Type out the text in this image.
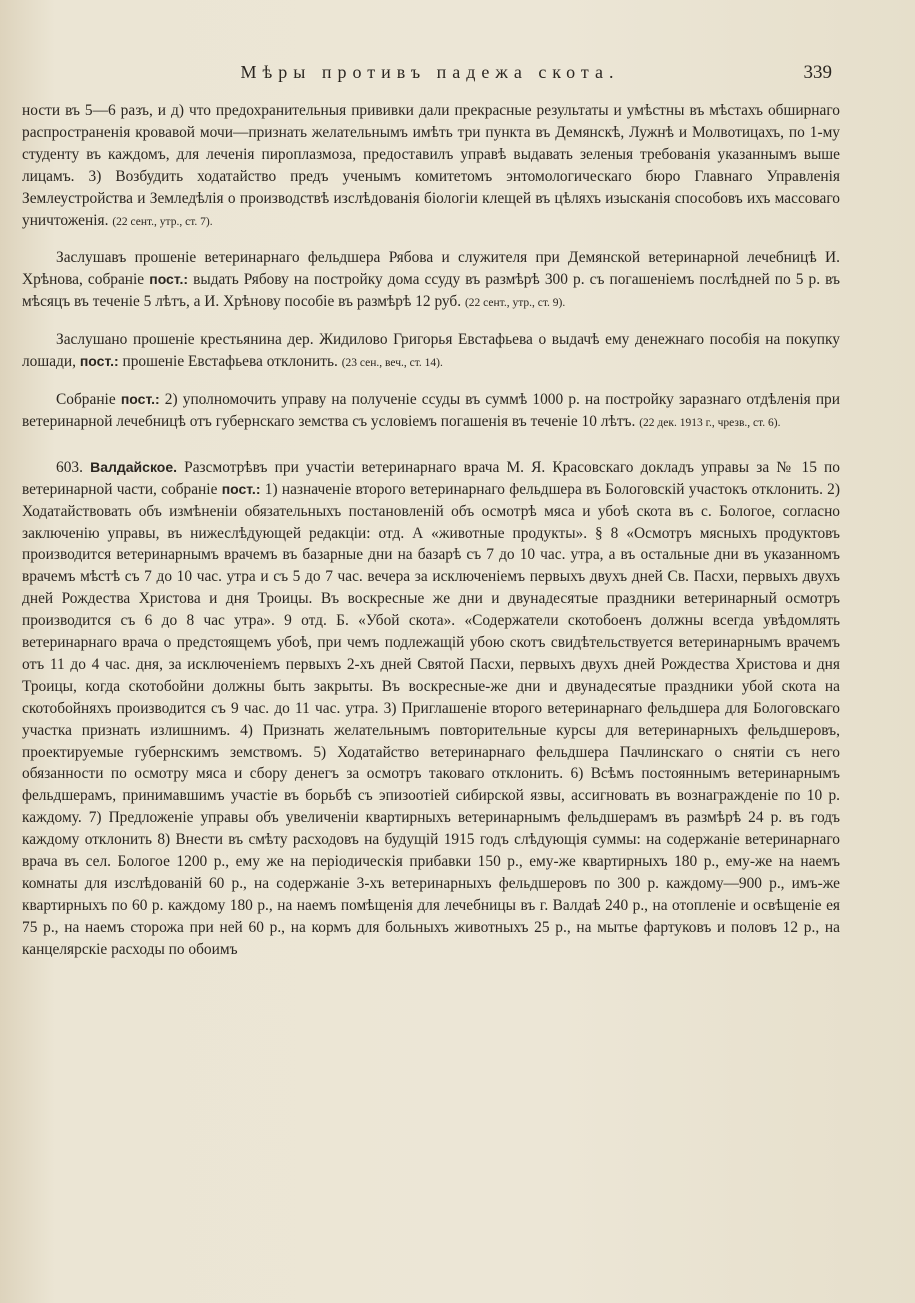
Мѣры противъ падежа скота.	339

ности въ 5—6 разъ, и д) что предохранительныя прививки дали прекрасные результаты и умѣстны въ мѣстахъ обширнаго распространенія кровавой мочи—признать желательнымъ имѣть три пункта въ Демянскѣ, Лужнѣ и Молвотицахъ, по 1-му студенту въ каждомъ, для леченія пироплазмоза, предоставилъ управѣ выдавать зеленыя требованія указаннымъ выше лицамъ. 3) Возбудить ходатайство предъ ученымъ комитетомъ энтомологическаго бюро Главнаго Управленія Землеустройства и Земледѣлія о производствѣ изслѣдованія біологіи клещей въ цѣляхъ изысканія способовъ ихъ массоваго уничтоженія. (22 сент., утр., ст. 7).

Заслушавъ прошеніе ветеринарнаго фельдшера Рябова и служителя при Демянской ветеринарной лечебницѣ И. Хрѣнова, собраніе пост.: выдать Рябову на постройку дома ссуду въ размѣрѣ 300 р. съ погашеніемъ послѣдней по 5 р. въ мѣсяцъ въ теченіе 5 лѣтъ, а И. Хрѣнову пособіе въ размѣрѣ 12 руб. (22 сент., утр., ст. 9).

Заслушано прошеніе крестьянина дер. Жидилово Григорья Евстафьева о выдачѣ ему денежнаго пособія на покупку лошади, пост.: прошеніе Евстафьева отклонить. (23 сен., веч., ст. 14).

Собраніе пост.: 2) уполномочить управу на полученіе ссуды въ суммѣ 1000 р. на постройку заразнаго отдѣленія при ветеринарной лечебницѣ отъ губернскаго земства съ условіемъ погашенія въ теченіе 10 лѣтъ. (22 дек. 1913 г., чрезв., ст. 6).

603. Валдайское. Разсмотрѣвъ при участіи ветеринарнаго врача М. Я. Красовскаго докладъ управы за № 15 по ветеринарной части, собраніе пост.: 1) назначеніе второго ветеринарнаго фельдшера въ Бологовскій участокъ отклонить. 2) Ходатайствовать объ измѣненіи обязательныхъ постановленій объ осмотрѣ мяса и убоѣ скота въ с. Бологое, согласно заключенію управы, въ нижеслѣдующей редакціи: отд. А «животные продукты». § 8 «Осмотръ мясныхъ продуктовъ производится ветеринарнымъ врачемъ въ базарные дни на базарѣ съ 7 до 10 час. утра, а въ остальные дни въ указанномъ врачемъ мѣстѣ съ 7 до 10 час. утра и съ 5 до 7 час. вечера за исключеніемъ первыхъ двухъ дней Св. Пасхи, первыхъ двухъ дней Рождества Христова и дня Троицы. Въ воскресные же дни и двунадесятые праздники ветеринарный осмотръ производится съ 6 до 8 час утра». 9 отд. Б. «Убой скота». «Содержатели скотобоенъ должны всегда увѣдомлять ветеринарнаго врача о предстоящемъ убоѣ, при чемъ подлежащій убою скотъ свидѣтельствуется ветеринарнымъ врачемъ отъ 11 до 4 час. дня, за исключеніемъ первыхъ 2-хъ дней Святой Пасхи, первыхъ двухъ дней Рождества Христова и дня Троицы, когда скотобойни должны быть закрыты. Въ воскресные-же дни и двунадесятые праздники убой скота на скотобойняхъ производится съ 9 час. до 11 час. утра. 3) Приглашеніе второго ветеринарнаго фельдшера для Бологовскаго участка признать излишнимъ. 4) Признать желательнымъ повторительные курсы для ветеринарныхъ фельдшеровъ, проектируемые губернскимъ земствомъ. 5) Ходатайство ветеринарнаго фельдшера Пачлинскаго о снятіи съ него обязанности по осмотру мяса и сбору денегъ за осмотръ таковаго отклонить. 6) Всѣмъ постояннымъ ветеринарнымъ фельдшерамъ, принимавшимъ участіе въ борьбѣ съ эпизоотіей сибирской язвы, ассигновать въ вознагражденіе по 10 р. каждому. 7) Предложеніе управы объ увеличеніи квартирныхъ ветеринарнымъ фельдшерамъ въ размѣрѣ 24 р. въ годъ каждому отклонить 8) Внести въ смѣту расходовъ на будущій 1915 годъ слѣдующія суммы: на содержаніе ветеринарнаго врача въ сел. Бологое 1200 р., ему же на періодическія прибавки 150 р., ему-же квартирныхъ 180 р., ему-же на наемъ комнаты для изслѣдованій 60 р., на содержаніе 3-хъ ветеринарныхъ фельдшеровъ по 300 р. каждому—900 р., имъ-же квартирныхъ по 60 р. каждому 180 р., на наемъ помѣщенія для лечебницы въ г. Валдаѣ 240 р., на отопленіе и освѣщеніе ея 75 р., на наемъ сторожа при ней 60 р., на кормъ для больныхъ животныхъ 25 р., на мытье фартуковъ и половъ 12 р., на канцелярскіе расходы по обоимъ
